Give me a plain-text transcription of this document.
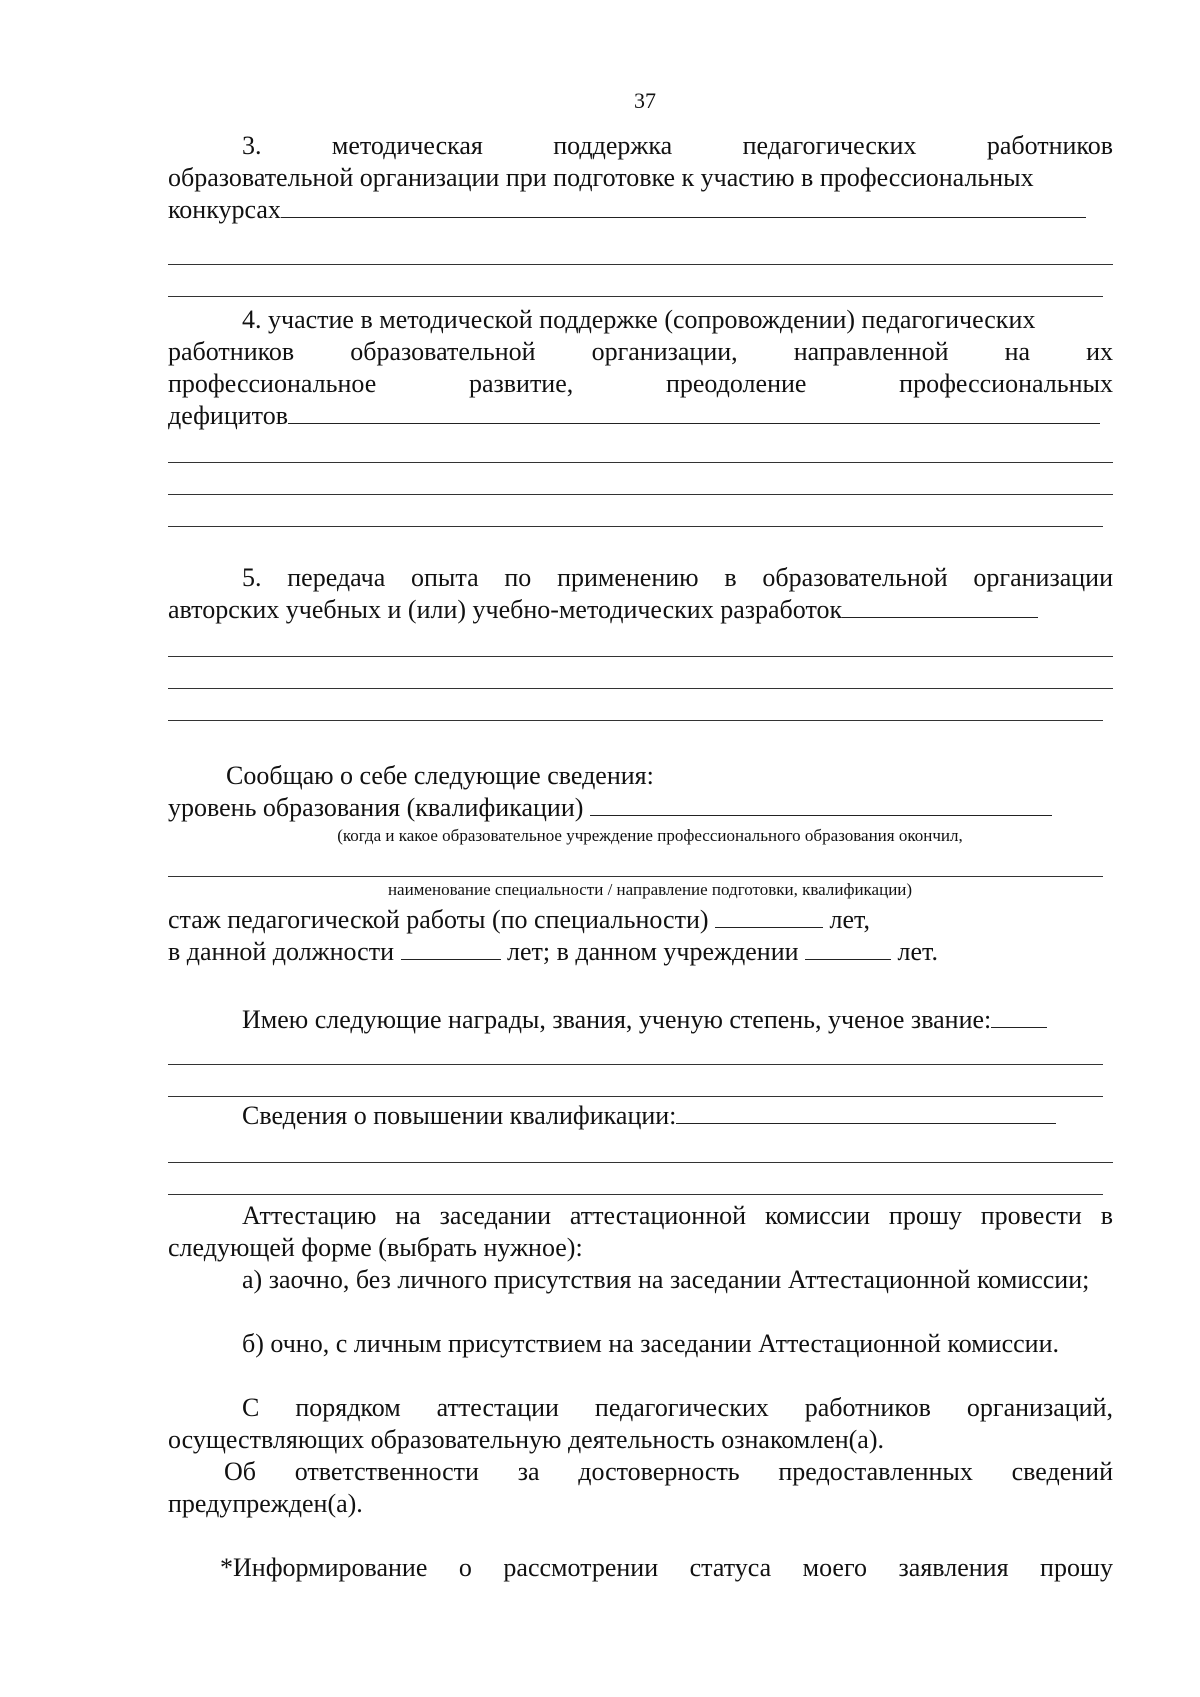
37
3. методическая	поддержка	педагогических	работников
образовательной организации при подготовке к участию в профессиональных
конкурсах
4. участие в методической поддержке (сопровождении) педагогических
работников образовательной организации, направленной на их
профессиональное	развитие,	преодоление	профессиональных
дефицитов
5. передача опыта по применению в образовательной организации
авторских учебных и (или) учебно-методических разработок
Сообщаю о себе следующие сведения:
уровень образования (квалификации)
(когда и какое образовательное учреждение профессионального образования окончил,
наименование специальности / направление подготовки, квалификации)
стаж педагогической работы (по специальности)	лет,
в данной должности	лет; в данном учреждении	лет.
Имею следующие награды, звания, ученую степень, ученое звание:
Сведения о повышении квалификации:
Аттестацию на заседании аттестационной комиссии прошу провести в следующей форме (выбрать нужное):
а) заочно, без личного присутствия на заседании Аттестационной комиссии;
б) очно, с личным присутствием на заседании Аттестационной комиссии.
С порядком аттестации педагогических работников организаций, осуществляющих образовательную деятельность ознакомлен(а).
Об ответственности за достоверность предоставленных сведений предупрежден(а).
*Информирование о рассмотрении статуса моего заявления прошу
